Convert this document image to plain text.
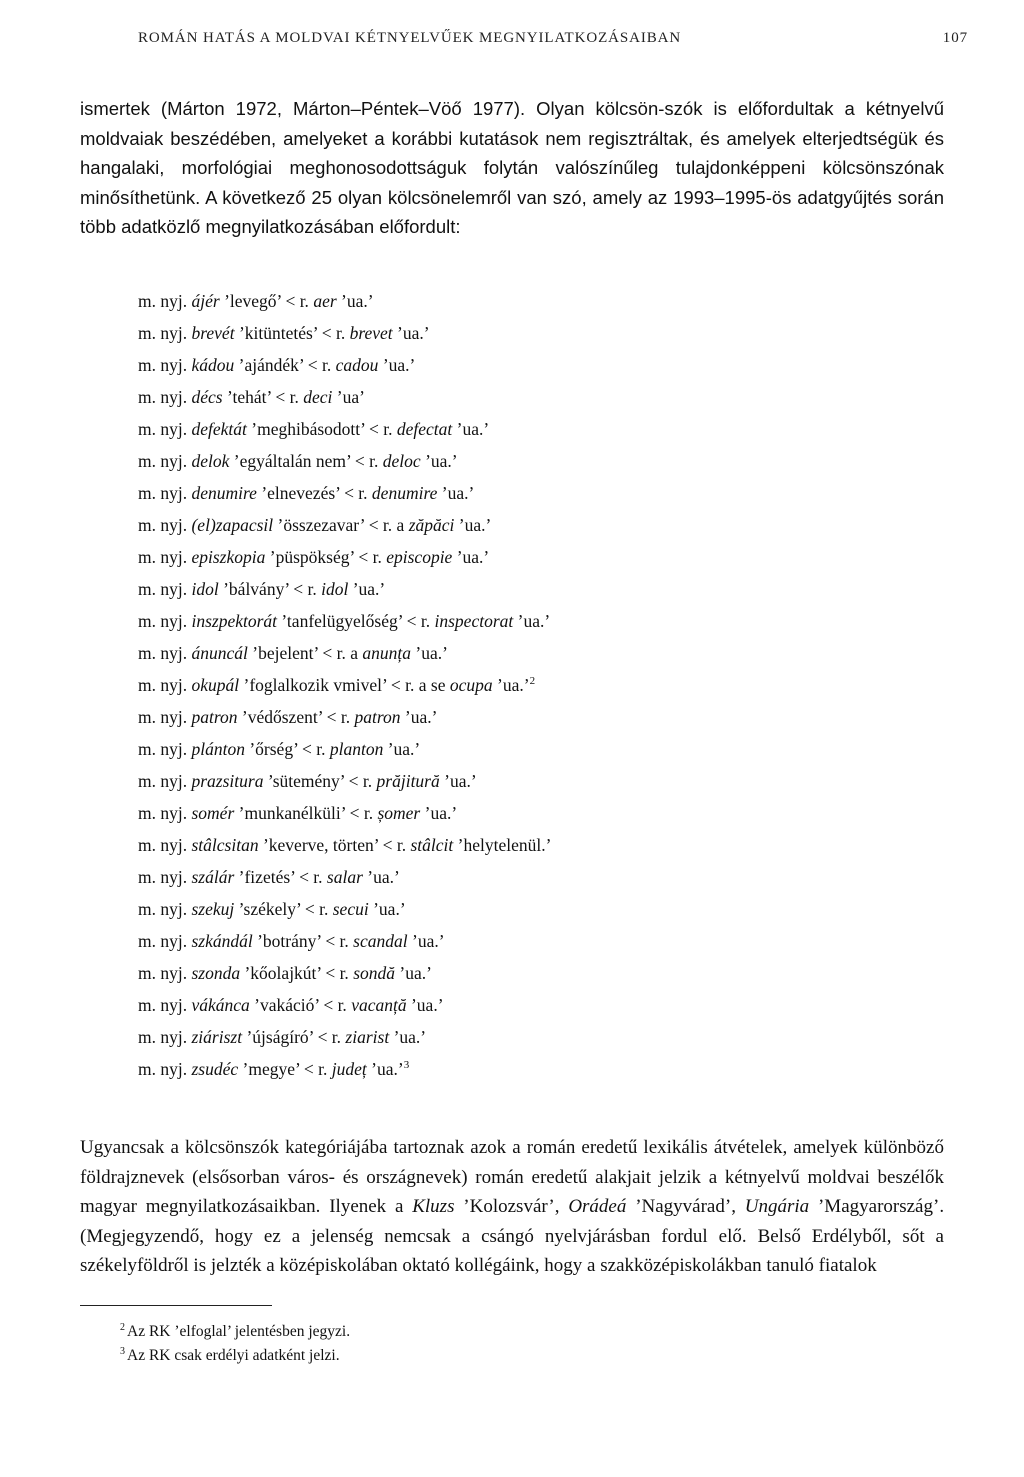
ROMÁN HATÁS A MOLDVAI KÉTNYELVŰEK MEGNYILATKOZÁSAIBAN	107

ismertek (Márton 1972, Márton–Péntek–Vöő 1977). Olyan kölcsön-szók is előfordultak a kétnyelvű moldvaiak beszédében, amelyeket a korábbi kutatások nem regisztráltak, és amelyek elterjedtségük és hangalaki, morfológiai meghonosodottságuk folytán valószínűleg tulajdonképpeni kölcsönszónak minősíthetünk. A következő 25 olyan kölcsönelemről van szó, amely az 1993–1995-ös adatgyűjtés során több adatközlő megnyilatkozásában előfordult:

m. nyj. ájér ’levegő’ < r. aer ’ua.’
m. nyj. brevét ’kitüntetés’ < r. brevet ’ua.’
m. nyj. kádou ’ajándék’ < r. cadou ’ua.’
m. nyj. décs ’tehát’ < r. deci ’ua’
m. nyj. defektát ’meghibásodott’ < r. defectat ’ua.’
m. nyj. delok ’egyáltalán nem’ < r. deloc ’ua.’
m. nyj. denumire ’elnevezés’ < r. denumire ’ua.’
m. nyj. (el)zapacsil ’összezavar’ < r. a zăpăci ’ua.’
m. nyj. episzkopia ’püspökség’ < r. episcopie ’ua.’
m. nyj. idol ’bálvány’ < r. idol ’ua.’
m. nyj. inszpektorát ’tanfelügyelőség’ < r. inspectorat ’ua.’
m. nyj. ánuncál ’bejelent’ < r. a anunța ’ua.’
m. nyj. okupál ’foglalkozik vmivel’ < r. a se ocupa ’ua.’$^2$
m. nyj. patron ’védőszent’ < r. patron ’ua.’
m. nyj. plánton ’őrség’ < r. planton ’ua.’
m. nyj. prazsitura ’sütemény’ < r. prăjitură ’ua.’
m. nyj. somér ’munkanélküli’ < r. șomer ’ua.’
m. nyj. stâlcsitan ’keverve, törten’ < r. stâlcit ’helytelenül.’
m. nyj. szálár ’fizetés’ < r. salar ’ua.’
m. nyj. szekuj ’székely’ < r. secui ’ua.’
m. nyj. szkándál ’botrány’ < r. scandal ’ua.’
m. nyj. szonda ’kőolajkút’ < r. sondă ’ua.’
m. nyj. vákánca ’vakáció’ < r. vacanță ’ua.’
m. nyj. ziáriszt ’újságíró’ < r. ziarist ’ua.’
m. nyj. zsudéc ’megye’ < r. județ ’ua.’$^3$

Ugyancsak a kölcsönszók kategóriájába tartoznak azok a román eredetű lexikális átvételek, amelyek különböző földrajznevek (elsősorban város- és országnevek) román eredetű alakjait jelzik a kétnyelvű moldvai beszélők magyar megnyilatkozásaikban. Ilyenek a Kluzs ’Kolozsvár’, Orádeá ’Nagyvárad’, Ungária ’Magyarország’. (Megjegyzendő, hogy ez a jelenség nemcsak a csángó nyelvjárásban fordul elő. Belső Erdélyből, sőt a székelyföldről is jelzték a középiskolában oktató kollégáink, hogy a szakközépiskolákban tanuló fiatalok

$^2$ Az RK ’elfoglal’ jelentésben jegyzi.
$^3$ Az RK csak erdélyi adatként jelzi.
